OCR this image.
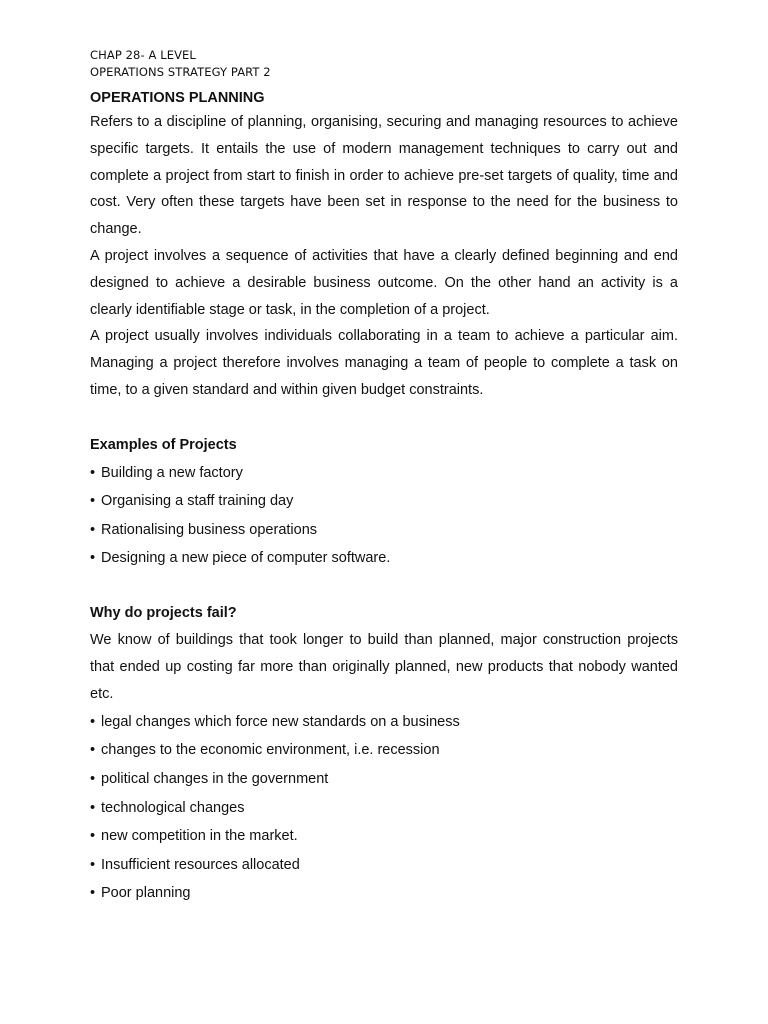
CHAP 28- A LEVEL
OPERATIONS STRATEGY PART 2
OPERATIONS PLANNING

Refers to a discipline of planning, organising, securing and managing resources to achieve specific targets. It entails the use of modern management techniques to carry out and complete a project from start to finish in order to achieve pre-set targets of quality, time and cost. Very often these targets have been set in response to the need for the business to change.

A project involves a sequence of activities that have a clearly defined beginning and end designed to achieve a desirable business outcome. On the other hand an activity is a clearly identifiable stage or task, in the completion of a project.

A project usually involves individuals collaborating in a team to achieve a particular aim. Managing a project therefore involves managing a team of people to complete a task on time, to a given standard and within given budget constraints.

Examples of Projects
• Building a new factory
• Organising a staff training day
• Rationalising business operations
• Designing a new piece of computer software.
Why do projects fail?

We know of buildings that took longer to build than planned, major construction projects that ended up costing far more than originally planned, new products that nobody wanted etc.

• legal changes which force new standards on a business
• changes to the economic environment, i.e. recession
• political changes in the government
• technological changes
• new competition in the market.
• Insufficient resources allocated
• Poor planning
